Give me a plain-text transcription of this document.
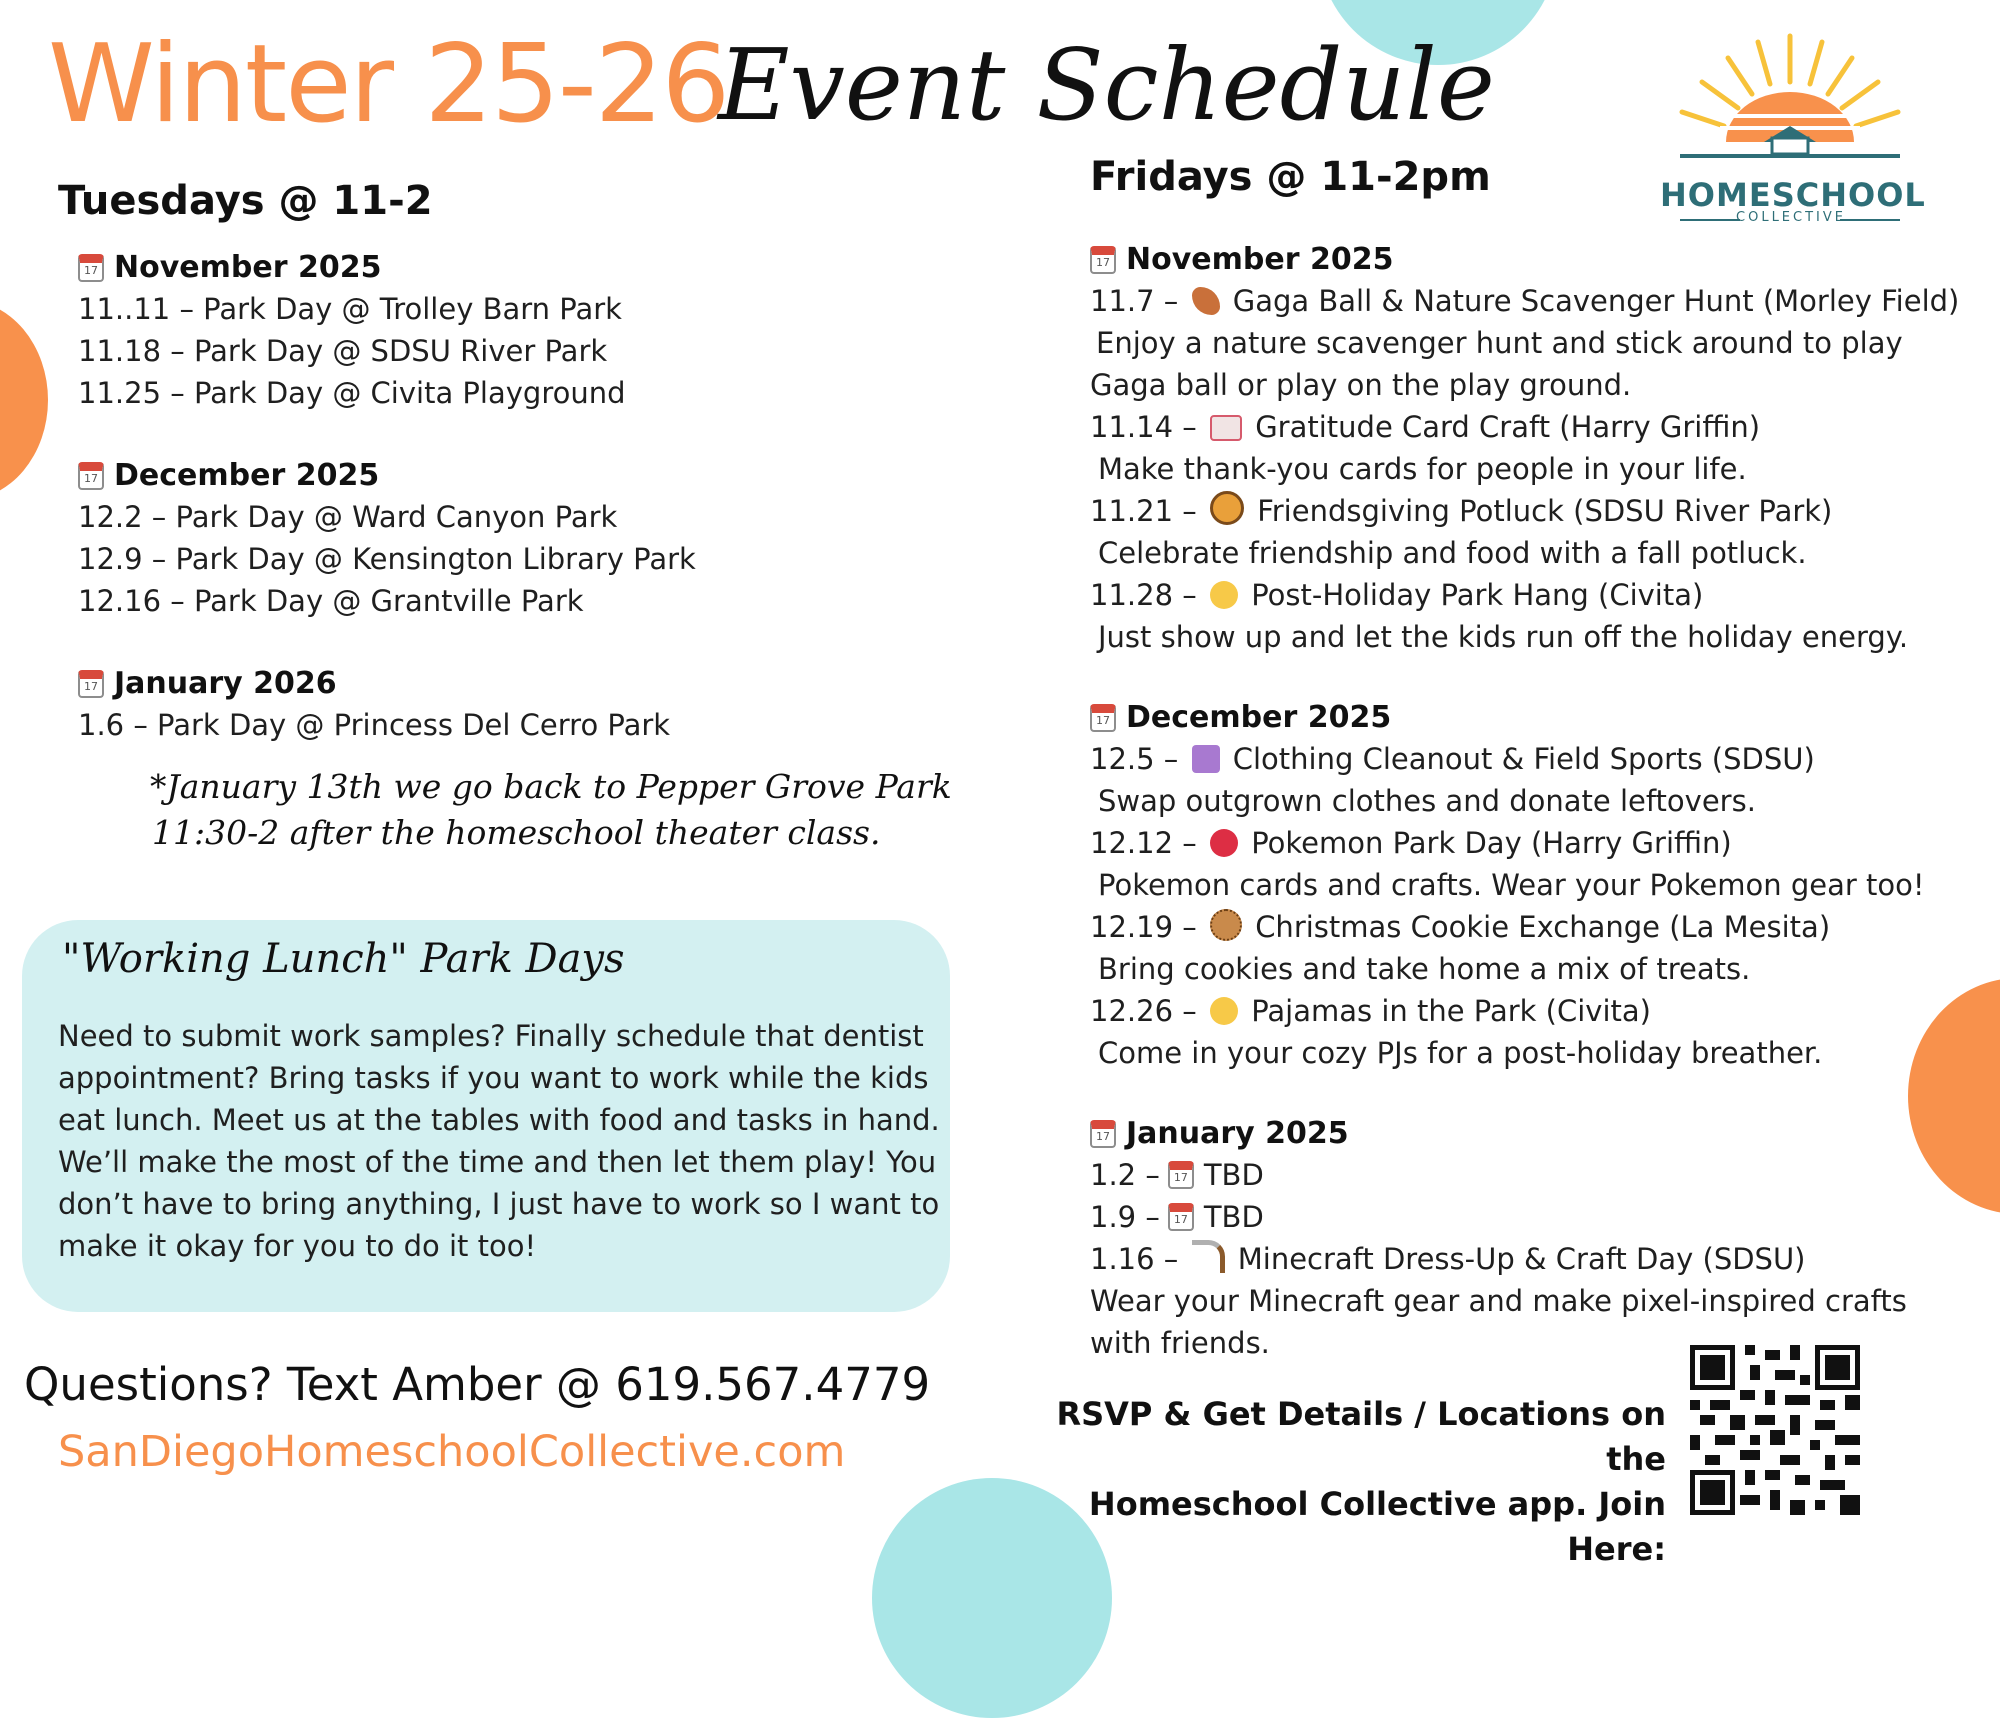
Winter 25-26
Event Schedule
HOMESCHOOL
COLLECTIVE
Tuesdays @ 11-2
17 November 2025
11..11 – Park Day @ Trolley Barn Park
11.18 – Park Day @ SDSU River Park
11.25 – Park Day @ Civita Playground
17 December 2025
12.2 – Park Day @ Ward Canyon Park
12.9 – Park Day @ Kensington Library Park
12.16 – Park Day @ Grantville Park
17 January 2026
1.6 – Park Day @ Princess Del Cerro Park
*January 13th we go back to Pepper Grove Park
11:30-2 after the homeschool theater class.
"Working Lunch" Park Days
Need to submit work samples? Finally schedule that dentist appointment? Bring tasks if you want to work while the kids eat lunch. Meet us at the tables with food and tasks in hand. We’ll make the most of the time and then let them play! You don’t have to bring anything, I just have to work so I want to make it okay for you to do it too!
Questions? Text Amber @ 619.567.4779
SanDiegoHomeschoolCollective.com
Fridays @ 11-2pm
17 November 2025
11.7 – Gaga Ball & Nature Scavenger Hunt (Morley Field)
Enjoy a nature scavenger hunt and stick around to play Gaga ball or play on the play ground.
11.14 – Gratitude Card Craft (Harry Griffin)
Make thank-you cards for people in your life.
11.21 – Friendsgiving Potluck (SDSU River Park)
Celebrate friendship and food with a fall potluck.
11.28 – Post-Holiday Park Hang (Civita)
Just show up and let the kids run off the holiday energy.
17 December 2025
12.5 – Clothing Cleanout & Field Sports (SDSU)
Swap outgrown clothes and donate leftovers.
12.12 – Pokemon Park Day (Harry Griffin)
Pokemon cards and crafts. Wear your Pokemon gear too!
12.19 – Christmas Cookie Exchange (La Mesita)
Bring cookies and take home a mix of treats.
12.26 – Pajamas in the Park (Civita)
Come in your cozy PJs for a post-holiday breather.
17 January 2025
1.2 –	17 TBD
1.9 –	17 TBD
1.16 – Minecraft Dress-Up & Craft Day (SDSU)
Wear your Minecraft gear and make pixel-inspired crafts with friends.
RSVP & Get Details / Locations on the
Homeschool Collective app. Join Here:
